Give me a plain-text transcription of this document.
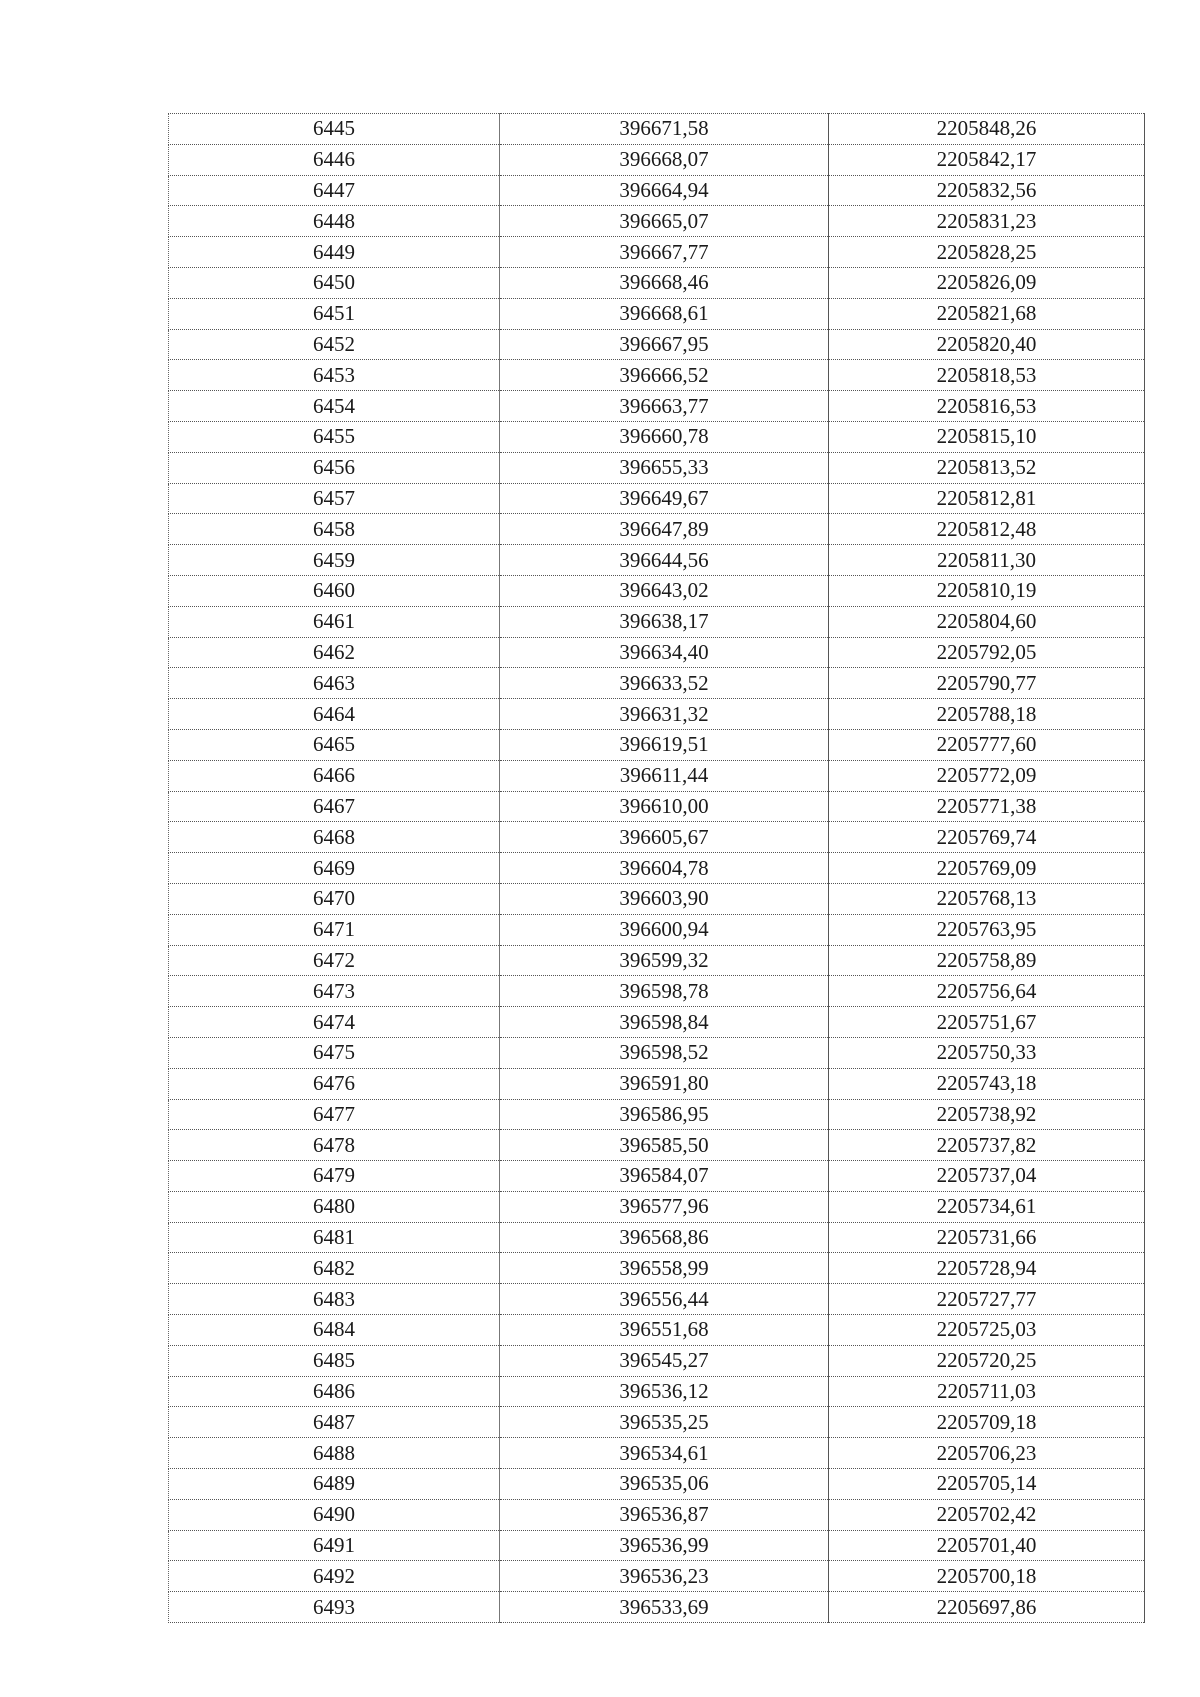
6445	396671,58	2205848,26
6446	396668,07	2205842,17
6447	396664,94	2205832,56
6448	396665,07	2205831,23
6449	396667,77	2205828,25
6450	396668,46	2205826,09
6451	396668,61	2205821,68
6452	396667,95	2205820,40
6453	396666,52	2205818,53
6454	396663,77	2205816,53
6455	396660,78	2205815,10
6456	396655,33	2205813,52
6457	396649,67	2205812,81
6458	396647,89	2205812,48
6459	396644,56	2205811,30
6460	396643,02	2205810,19
6461	396638,17	2205804,60
6462	396634,40	2205792,05
6463	396633,52	2205790,77
6464	396631,32	2205788,18
6465	396619,51	2205777,60
6466	396611,44	2205772,09
6467	396610,00	2205771,38
6468	396605,67	2205769,74
6469	396604,78	2205769,09
6470	396603,90	2205768,13
6471	396600,94	2205763,95
6472	396599,32	2205758,89
6473	396598,78	2205756,64
6474	396598,84	2205751,67
6475	396598,52	2205750,33
6476	396591,80	2205743,18
6477	396586,95	2205738,92
6478	396585,50	2205737,82
6479	396584,07	2205737,04
6480	396577,96	2205734,61
6481	396568,86	2205731,66
6482	396558,99	2205728,94
6483	396556,44	2205727,77
6484	396551,68	2205725,03
6485	396545,27	2205720,25
6486	396536,12	2205711,03
6487	396535,25	2205709,18
6488	396534,61	2205706,23
6489	396535,06	2205705,14
6490	396536,87	2205702,42
6491	396536,99	2205701,40
6492	396536,23	2205700,18
6493	396533,69	2205697,86
